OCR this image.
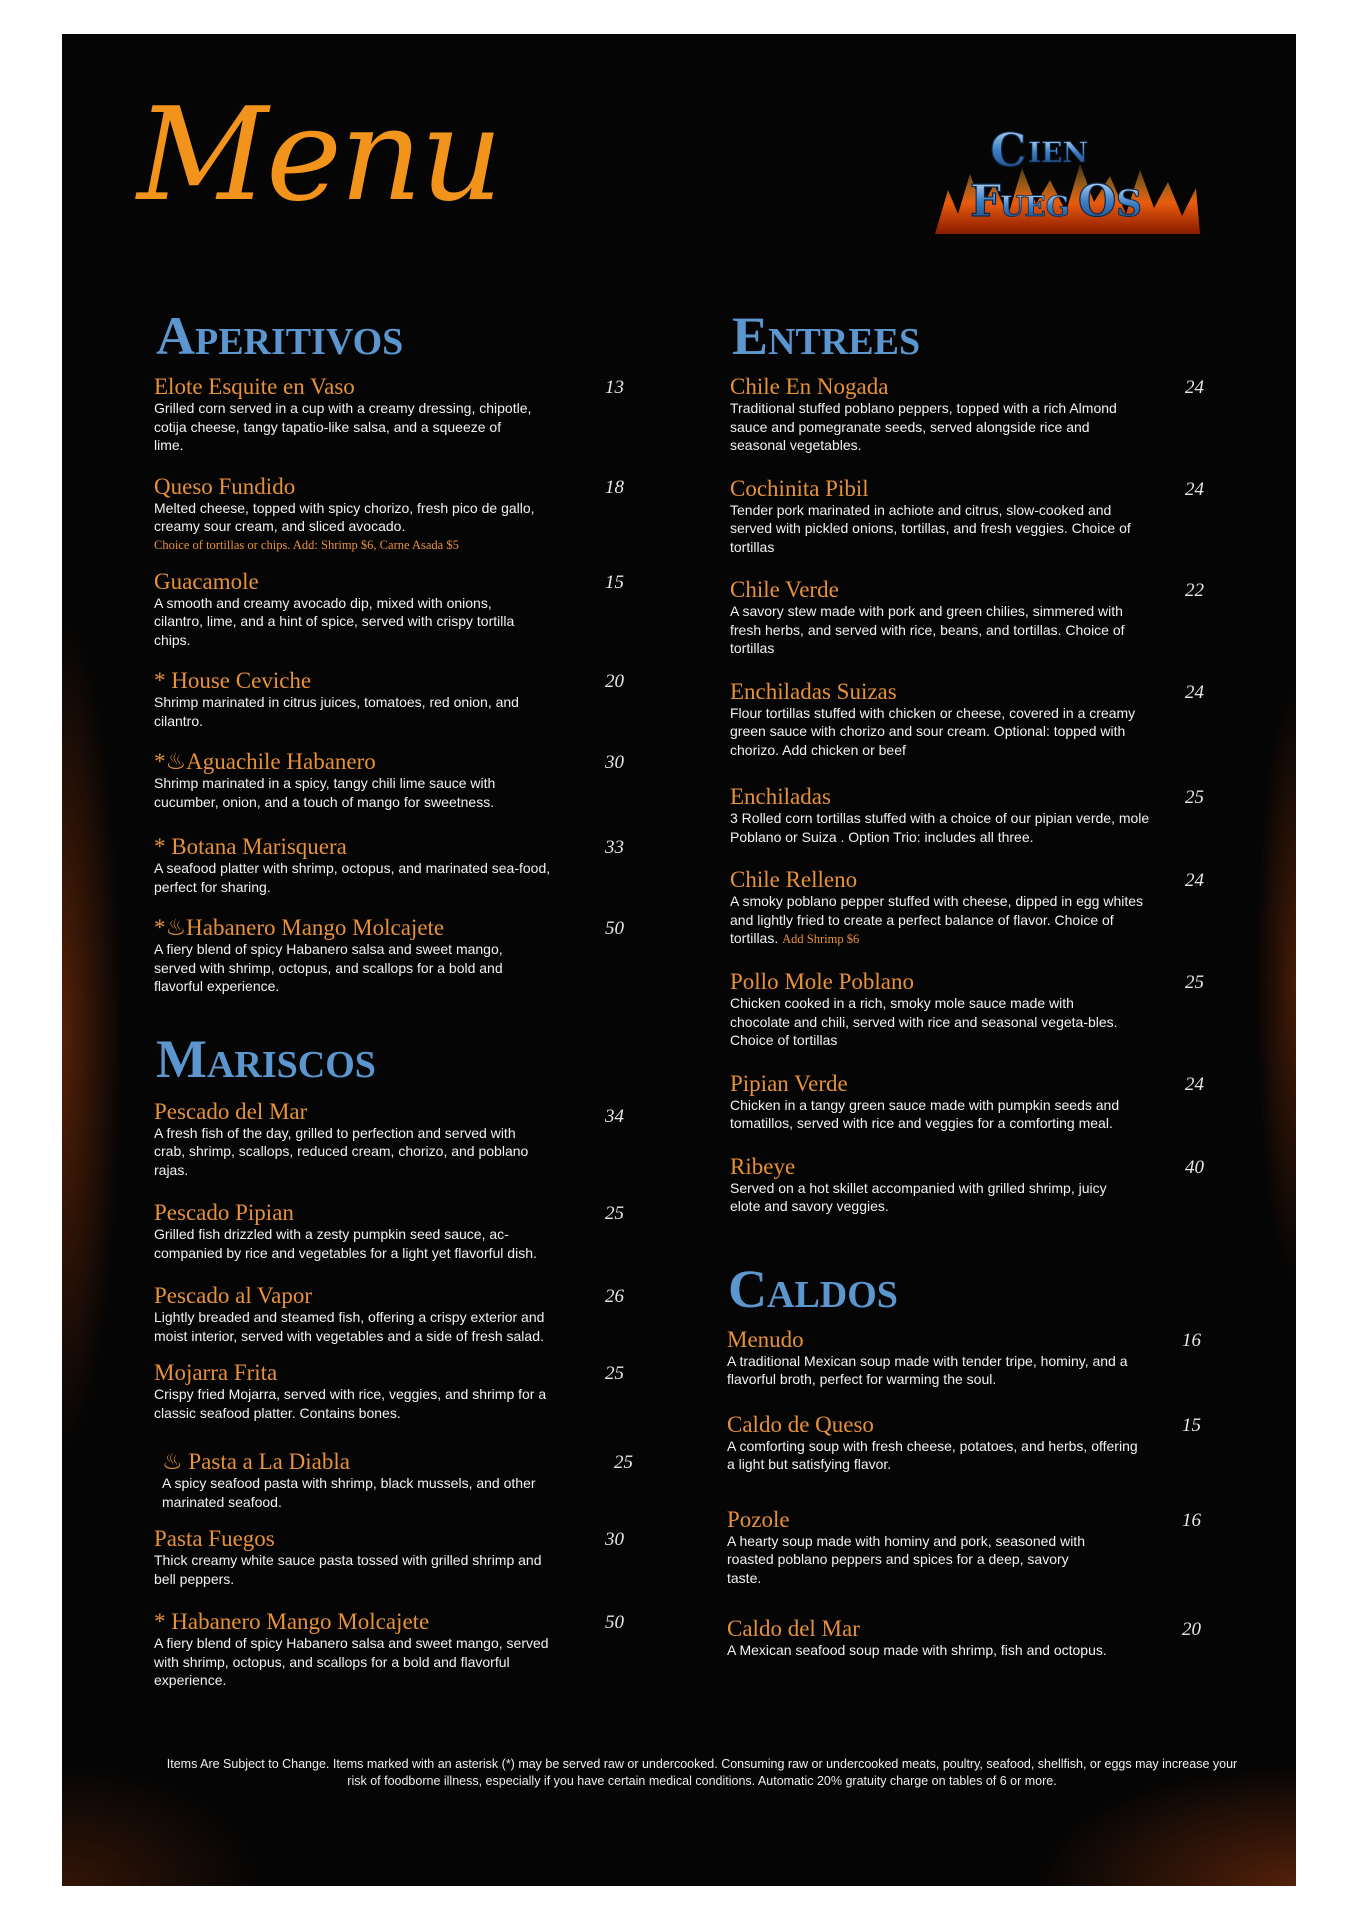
Menu	C IEN
F
UEG O S
Aperitivos
Elote Esquite en Vaso	13
Grilled corn served in a cup with a creamy dressing, chipotle, cotija cheese, tangy tapatio-like salsa, and a squeeze of lime.
Queso Fundido	18
Melted cheese, topped with spicy chorizo, fresh pico de gallo, creamy sour cream, and sliced avocado.
Choice of tortillas or chips. Add: Shrimp $6, Carne Asada $5
Guacamole	15
A smooth and creamy avocado dip, mixed with onions, cilantro, lime, and a hint of spice, served with crispy tortilla chips.
* House Ceviche	20
Shrimp marinated in citrus juices, tomatoes, red onion, and cilantro.
*♨Aguachile Habanero	30
Shrimp marinated in a spicy, tangy chili lime sauce with cucumber, onion, and a touch of mango for sweetness.
* Botana Marisquera	33
A seafood platter with shrimp, octopus, and marinated sea-food, perfect for sharing.
*♨Habanero Mango Molcajete	50
A fiery blend of spicy Habanero salsa and sweet mango, served with shrimp, octopus, and scallops for a bold and flavorful experience.
Mariscos
Pescado del Mar	34
A fresh fish of the day, grilled to perfection and served with crab, shrimp, scallops, reduced cream, chorizo, and poblano rajas.
Pescado Pipian	25
Grilled fish drizzled with a zesty pumpkin seed sauce, ac-companied by rice and vegetables for a light yet flavorful dish.
Pescado al Vapor	26
Lightly breaded and steamed fish, offering a crispy exterior and moist interior, served with vegetables and a side of fresh salad.
Mojarra Frita	25
Crispy fried Mojarra, served with rice, veggies, and shrimp for a classic seafood platter. Contains bones.
♨ Pasta a La Diabla	25
A spicy seafood pasta with shrimp, black mussels, and other marinated seafood.
Pasta Fuegos	30
Thick creamy white sauce pasta tossed with grilled shrimp and bell peppers.
* Habanero Mango Molcajete	50
A fiery blend of spicy Habanero salsa and sweet mango, served with shrimp, octopus, and scallops for a bold and flavorful experience.
Entrees
Chile En Nogada	24
Traditional stuffed poblano peppers, topped with a rich Almond sauce and pomegranate seeds, served alongside rice and seasonal vegetables.
Cochinita Pibil	24
Tender pork marinated in achiote and citrus, slow-cooked and served with pickled onions, tortillas, and fresh veggies. Choice of tortillas
Chile Verde	22
A savory stew made with pork and green chilies, simmered with fresh herbs, and served with rice, beans, and tortillas. Choice of tortillas
Enchiladas Suizas	24
Flour tortillas stuffed with chicken or cheese, covered in a creamy green sauce with chorizo and sour cream. Optional: topped with chorizo. Add chicken or beef
Enchiladas	25
3 Rolled corn tortillas stuffed with a choice of our pipian verde, mole Poblano or Suiza . Option Trio: includes all three.
Chile Relleno	24
A smoky poblano pepper stuffed with cheese, dipped in egg whites and lightly fried to create a perfect balance of flavor. Choice of tortillas. Add Shrimp $6
Pollo Mole Poblano	25
Chicken cooked in a rich, smoky mole sauce made with chocolate and chili, served with rice and seasonal vegeta-bles. Choice of tortillas
Pipian Verde	24
Chicken in a tangy green sauce made with pumpkin seeds and tomatillos, served with rice and veggies for a comforting meal.
Ribeye	40
Served on a hot skillet accompanied with grilled shrimp, juicy elote and savory veggies.
Caldos
Menudo	16
A traditional Mexican soup made with tender tripe, hominy, and a flavorful broth, perfect for warming the soul.
Caldo de Queso	15
A comforting soup with fresh cheese, potatoes, and herbs, offering a light but satisfying flavor.
Pozole	16
A hearty soup made with hominy and pork, seasoned with roasted poblano peppers and spices for a deep, savory taste.
Caldo del Mar	20
A Mexican seafood soup made with shrimp, fish and octopus.
Items Are Subject to Change. Items marked with an asterisk (*) may be served raw or undercooked. Consuming raw or undercooked meats, poultry, seafood, shellfish, or eggs may increase your risk of foodborne illness, especially if you have certain medical conditions. Automatic 20% gratuity charge on tables of 6 or more.
